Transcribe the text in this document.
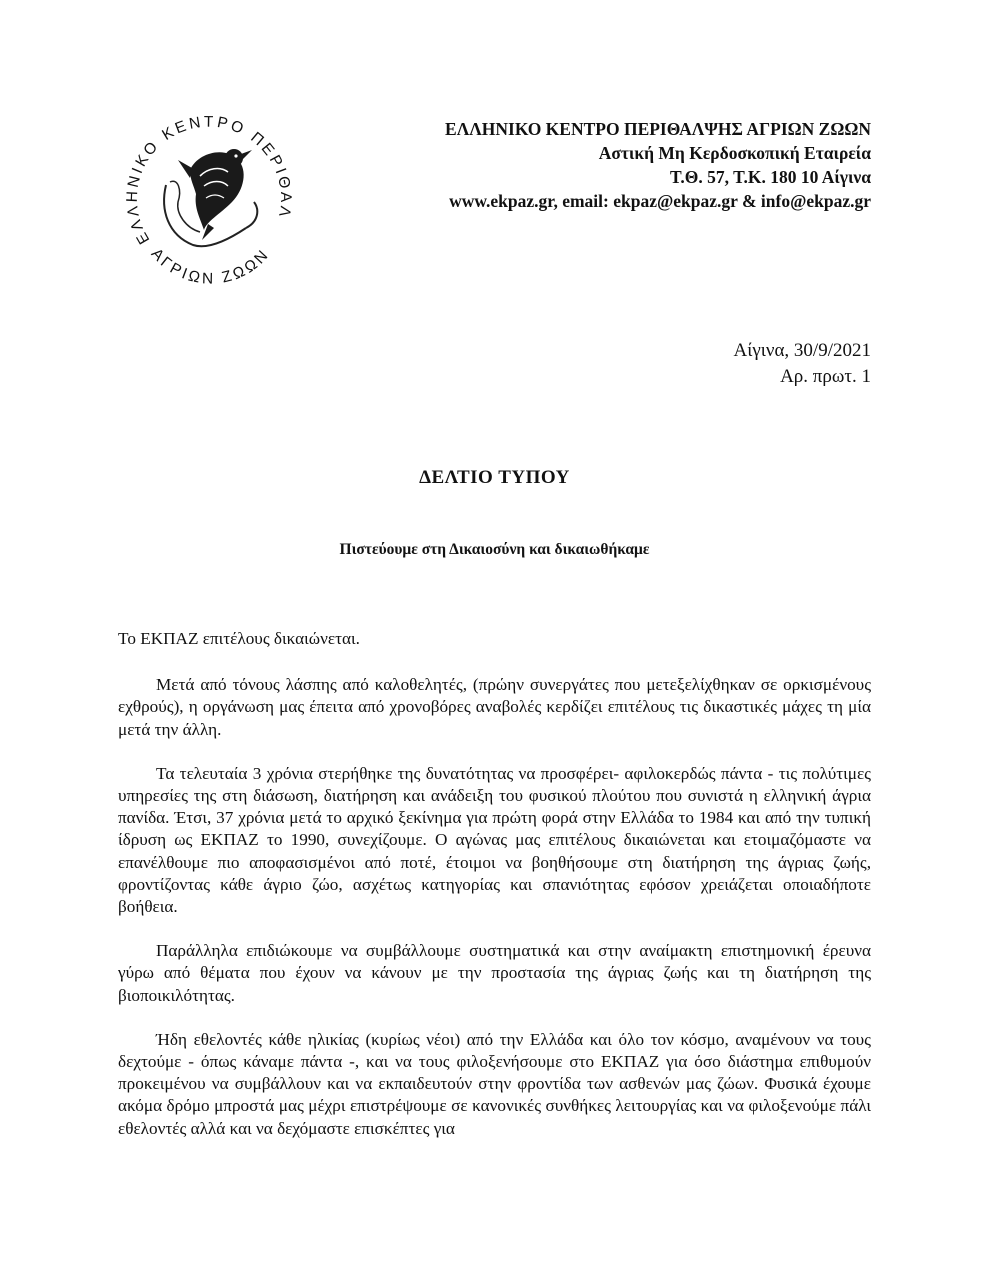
ΕΛΛΗΝΙΚΟ ΚΕΝΤΡΟ ΠΕΡΙΘΑΛ
ΑΓΡΙΩΝ ΖΩΩΝ
ΕΛΛΗΝΙΚΟ ΚΕΝΤΡΟ ΠΕΡΙΘΑΛΨΗΣ ΑΓΡΙΩΝ ΖΩΩΝ
Αστική Μη Κερδοσκοπική Εταιρεία
Τ.Θ. 57, Τ.Κ. 180 10 Αίγινα
www.ekpaz.gr, email: ekpaz@ekpaz.gr & info@ekpaz.gr
Αίγινα, 30/9/2021
Αρ. πρωτ. 1
ΔΕΛΤΙΟ ΤΥΠΟΥ
Πιστεύουμε στη Δικαιοσύνη και δικαιωθήκαμε

Το ΕΚΠΑΖ επιτέλους δικαιώνεται.

Μετά από τόνους λάσπης από καλοθελητές, (πρώην συνεργάτες που μετεξελίχθηκαν σε ορκισμένους εχθρούς), η οργάνωση μας έπειτα από χρονοβόρες αναβολές κερδίζει επιτέλους τις δικαστικές μάχες τη μία μετά την άλλη.

Τα τελευταία 3 χρόνια στερήθηκε της δυνατότητας να προσφέρει- αφιλοκερδώς πάντα - τις πολύτιμες υπηρεσίες της στη διάσωση, διατήρηση και ανάδειξη του φυσικού πλούτου που συνιστά η ελληνική άγρια πανίδα. Έτσι, 37 χρόνια μετά το αρχικό ξεκίνημα για πρώτη φορά στην Ελλάδα το 1984 και από την τυπική ίδρυση ως ΕΚΠΑΖ το 1990, συνεχίζουμε. Ο αγώνας μας επιτέλους δικαιώνεται και ετοιμαζόμαστε να επανέλθουμε πιο αποφασισμένοι από ποτέ, έτοιμοι να βοηθήσουμε στη διατήρηση της άγριας ζωής, φροντίζοντας κάθε άγριο ζώο, ασχέτως κατηγορίας και σπανιότητας εφόσον χρειάζεται οποιαδήποτε βοήθεια.

Παράλληλα επιδιώκουμε να συμβάλλουμε συστηματικά και στην αναίμακτη επιστημονική έρευνα γύρω από θέματα που έχουν να κάνουν με την προστασία της άγριας ζωής και τη διατήρηση της βιοποικιλότητας.

Ήδη εθελοντές κάθε ηλικίας (κυρίως νέοι) από την Ελλάδα και όλο τον κόσμο, αναμένουν να τους δεχτούμε - όπως κάναμε πάντα -, και να τους φιλοξενήσουμε στο ΕΚΠΑΖ για όσο διάστημα επιθυμούν προκειμένου να συμβάλλουν και να εκπαιδευτούν στην φροντίδα των ασθενών μας ζώων. Φυσικά έχουμε ακόμα δρόμο μπροστά μας μέχρι επιστρέψουμε σε κανονικές συνθήκες λειτουργίας και να φιλοξενούμε πάλι εθελοντές αλλά και να δεχόμαστε επισκέπτες για
